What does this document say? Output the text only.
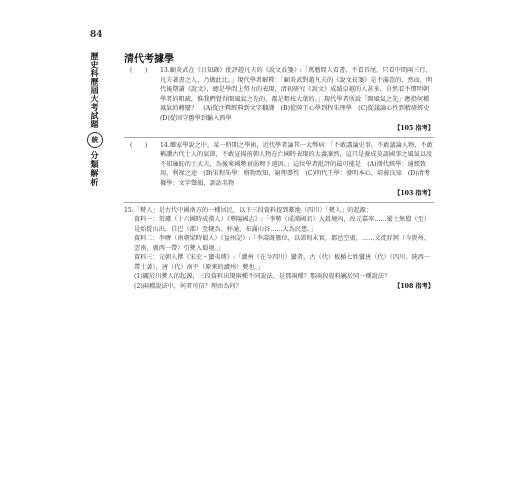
84
歷史科歷屆大考試題
統
分類解析
清代考據學
(　　) 13.顧炎武在《日知錄》批評趙凡夫的《說文長箋》:「萬曆間人看書，不看首尾，只看中間兩三行，凡夫著書之人，乃做此比。」現代學者解釋：「顧炎武對趙凡夫的《說文長箋》是不滿意的，然而，明代後期讀《說文》，總是學問上努力的表現，清初研究《說文》成績卓越的人甚多，自然看不慣明朝學者的粗疏，惟我們覺得開風氣之先的，都是粗枝大葉的。」現代學者所說「開風氣之先」應指何種風氣的轉變？　(A)從注釋經典到文字翻譯　(B)從陸王心學到程朱理學　(C)從議論心性到精研經史　(D)從固守舊學到輸入西學
【105 指考】
(　　) 14.鄉家學說之中，某一時期之學術，近代學者論其一大弊病：「不敢講論史事，不敢議論人物，不敢稱讚古代士人的氣節，不敢宣揚前朝人物在亡國時表現的大義凜然，這只是養成莫談國事之風氣以及不知廉恥的士大夫，為後來國勢衰弱埋下遠因。」這位學者批評的最可能是　(A)漢代經學：通經致用，利祿之途　(B)宋程朱學：格物致知，窮理盡性　(C)明代王學：發明本心，培養良知　(D)清考據學：文字聲韻，訓詁名物
【103 指考】
15.「僰人」是古代中國南方的一種居民，以下三段資料提到鄰地（四川）「僰人」的起源：
資料一：常璩（十六國時成漢人）《華陽國志》:「李勢（成漢國君）大殺境內，改元嘉寧……蜀土無僚（至）是始從山出，自巴（郡）至犍為、梓潼，布滿山谷……大為民患。」
資料二：李膺（南朝梁時蜀人）《益州記》:「李壽既篡位，以郊甸未實，都邑空虛，……又徙牂牁（今貴州、雲南、廣西一帶）引僰入蜀境。」
資料三：元朝人撰《宋史・蠻夷傳》:「瀘州（在今四川）蠻者，古（代）板楯七姓蠻唐（代）（四川、陝西一帶土著），唐（代）南平（原來的瀘州）僰也。」
(1)關於川僰人的起源，三段資料出現兩種不同說法，是那兩種？那兩段資料屬於同一種說法？
(2)兩種說法中，何者可信？理由為何？	【108 指考】
